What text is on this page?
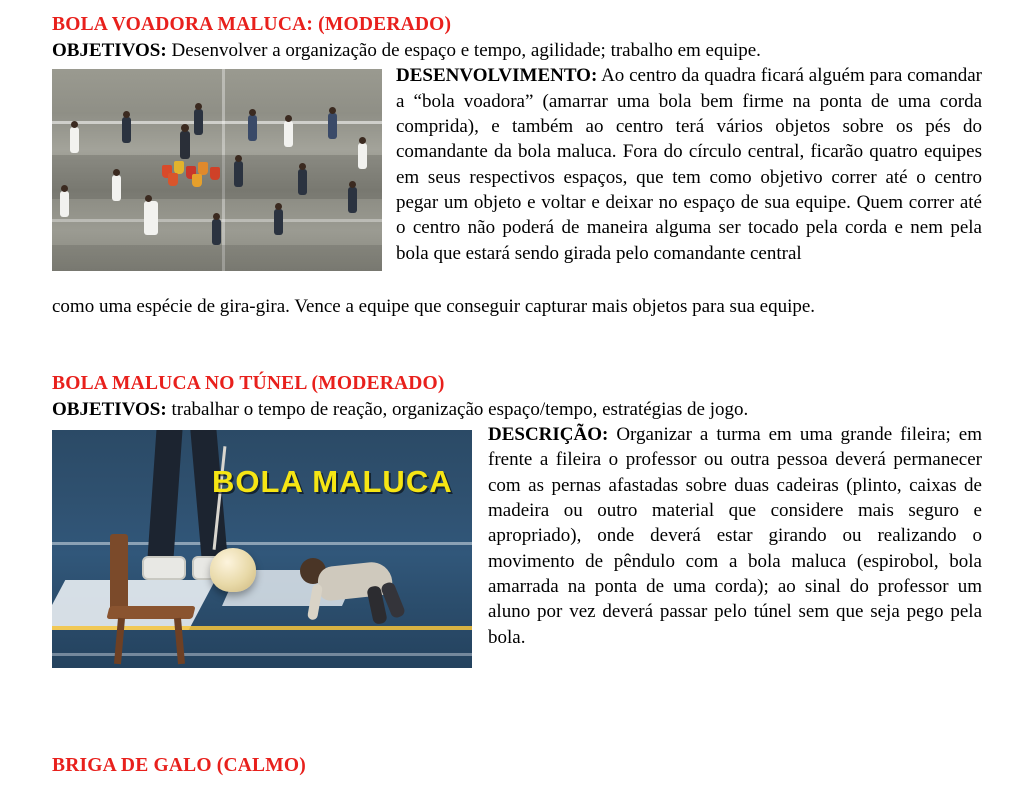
BOLA VOADORA MALUCA: (MODERADO)

OBJETIVOS: Desenvolver a organização de espaço e tempo, agilidade; trabalho em equipe.

DESENVOLVIMENTO: Ao centro da quadra ficará alguém para comandar a “bola voadora” (amarrar uma bola bem firme na ponta de uma corda comprida), e também ao centro terá vários objetos sobre os pés do comandante da bola maluca. Fora do círculo central, ficarão quatro equipes em seus respectivos espaços, que tem como objetivo correr até o centro pegar um objeto e voltar e deixar no espaço de sua equipe. Quem correr até o centro não poderá de maneira alguma ser tocado pela corda e nem pela bola que estará sendo girada pelo comandante central

como uma espécie de gira-gira. Vence a equipe que conseguir capturar mais objetos para sua equipe.

BOLA MALUCA NO TÚNEL (MODERADO)

OBJETIVOS: trabalhar o tempo de reação, organização espaço/tempo, estratégias de jogo.

BOLA MALUCA

DESCRIÇÃO: Organizar a turma em uma grande fileira; em frente a fileira o professor ou outra pessoa deverá permanecer com as pernas afastadas sobre duas cadeiras (plinto, caixas de madeira ou outro material que considere mais seguro e apropriado), onde deverá estar girando ou realizando o movimento de pêndulo com a bola maluca (espirobol, bola amarrada na ponta de uma corda); ao sinal do professor um aluno por vez deverá passar pelo túnel sem que seja pego pela bola.

BRIGA DE GALO (CALMO)
